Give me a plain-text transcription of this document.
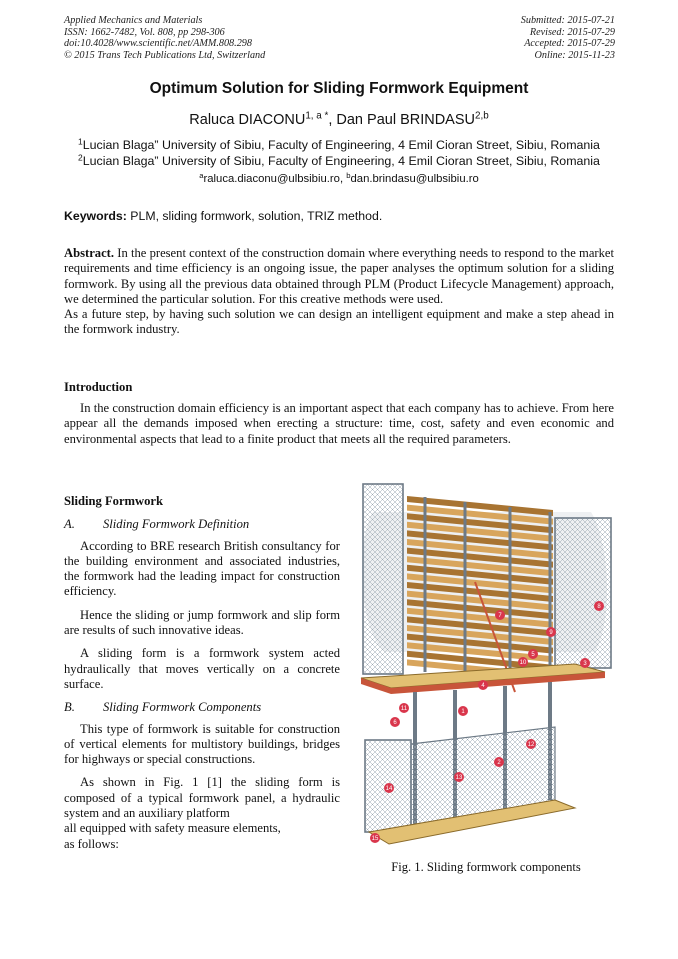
Applied Mechanics and Materials
ISSN: 1662-7482, Vol. 808, pp 298-306
doi:10.4028/www.scientific.net/AMM.808.298
© 2015 Trans Tech Publications Ltd, Switzerland
Submitted: 2015-07-21
Revised: 2015-07-29
Accepted: 2015-07-29
Online: 2015-11-23
Optimum Solution for Sliding Formwork Equipment
Raluca $DIACONU^{1, a *}$, Dan Paul BRINDASU$^{2,b}$
$^1$Lucian Blaga” University of Sibiu, Faculty of Engineering, 4 Emil Cioran Street, Sibiu, Romania
$^2$Lucian Blaga” University of Sibiu, Faculty of Engineering, 4 Emil Cioran Street, Sibiu, Romania
$^a$raluca.diaconu@ulbsibiu.ro, $^b$dan.brindasu@ulbsibiu.ro
Keywords: PLM, sliding formwork, solution, TRIZ method.

Abstract. In the present context of the construction domain where everything needs to respond to the market requirements and time efficiency is an ongoing issue, the paper analyses the optimum solution for a sliding formwork. By using all the previous data obtained through PLM (Product Lifecycle Management) approach, we determined the particular solution. For this creative methods were used.

As a future step, by having such solution we can design an intelligent equipment and make a step ahead in the formwork industry.

Introduction

In the construction domain efficiency is an important aspect that each company has to achieve. From here appear all the demands imposed when erecting a structure: time, cost, safety and even economic and environmental aspects that lead to a finite product that meets all the required parameters.

Sliding Formwork

A. Sliding Formwork Definition

According to BRE research British consultancy for the building environment and associated industries, the formwork had the leading impact for construction efficiency.

Hence the sliding or jump formwork and slip form are results of such innovative ideas.

A sliding form is a formwork system acted hydraulically that moves vertically on a concrete surface.

B. Sliding Formwork Components

This type of formwork is suitable for construction of vertical elements for multistory buildings, bridges for highways or special constructions.

As shown in Fig. 1 [1] the sliding form is composed of a typical formwork panel, a hydraulic system and an auxiliary platform
all equipped with safety measure elements,
as follows:

1
2
3
4
5
6
7
8
9
10
11
12
13
14
15
Fig. 1. Sliding formwork components
